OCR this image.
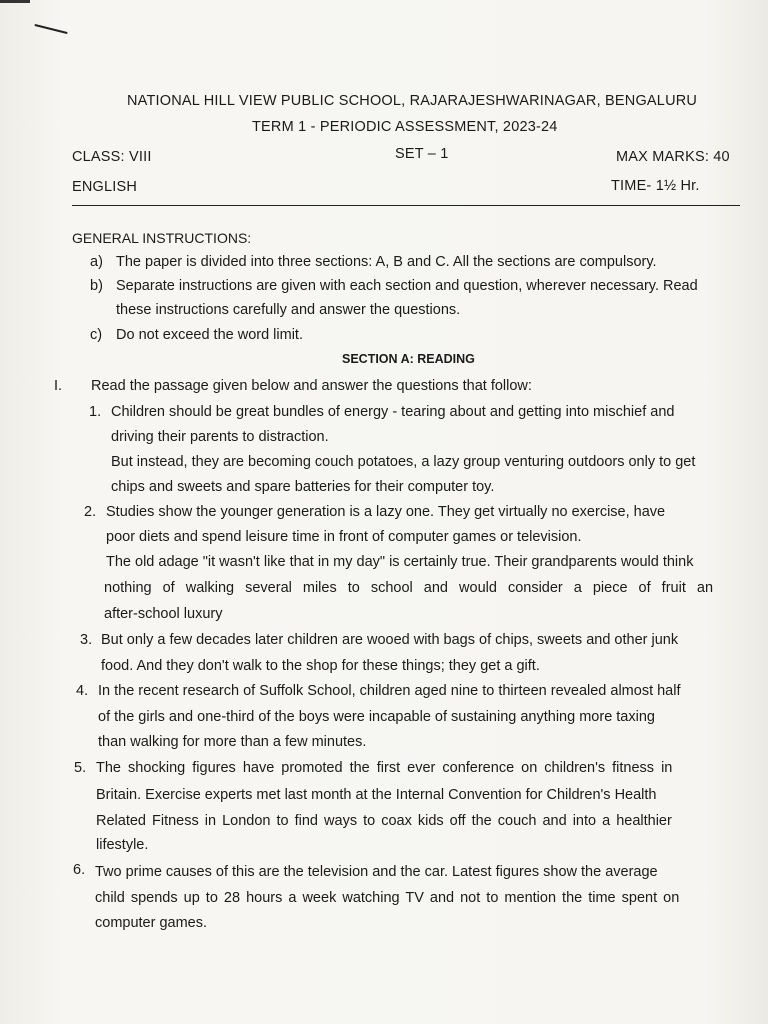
NATIONAL HILL VIEW PUBLIC SCHOOL, RAJARAJESHWARINAGAR, BENGALURU
TERM 1 - PERIODIC ASSESSMENT, 2023-24
CLASS: VIII	SET – 1	MAX MARKS: 40
ENGLISH	TIME- 1½ Hr.
GENERAL INSTRUCTIONS:
a) The paper is divided into three sections: A, B and C. All the sections are compulsory.
b) Separate instructions are given with each section and question, wherever necessary. Read
these instructions carefully and answer the questions.
c) Do not exceed the word limit.
SECTION A: READING
I. Read the passage given below and answer the questions that follow:
1. Children should be great bundles of energy - tearing about and getting into mischief and
driving their parents to distraction.
But instead, they are becoming couch potatoes, a lazy group venturing outdoors only to get
chips and sweets and spare batteries for their computer toy.
2. Studies show the younger generation is a lazy one. They get virtually no exercise, have
poor diets and spend leisure time in front of computer games or television.
The old adage "it wasn't like that in my day" is certainly true. Their grandparents would think
nothing of walking several miles to school and would consider a piece of fruit an
after-school luxury
3. But only a few decades later children are wooed with bags of chips, sweets and other junk
food. And they don't walk to the shop for these things; they get a gift.
4. In the recent research of Suffolk School, children aged nine to thirteen revealed almost half
of the girls and one-third of the boys were incapable of sustaining anything more taxing
than walking for more than a few minutes.
5. The shocking figures have promoted the first ever conference on children's fitness in
Britain. Exercise experts met last month at the Internal Convention for Children's Health
Related Fitness in London to find ways to coax kids off the couch and into a healthier
lifestyle.
6. Two prime causes of this are the television and the car. Latest figures show the average
child spends up to 28 hours a week watching TV and not to mention the time spent on
computer games.
